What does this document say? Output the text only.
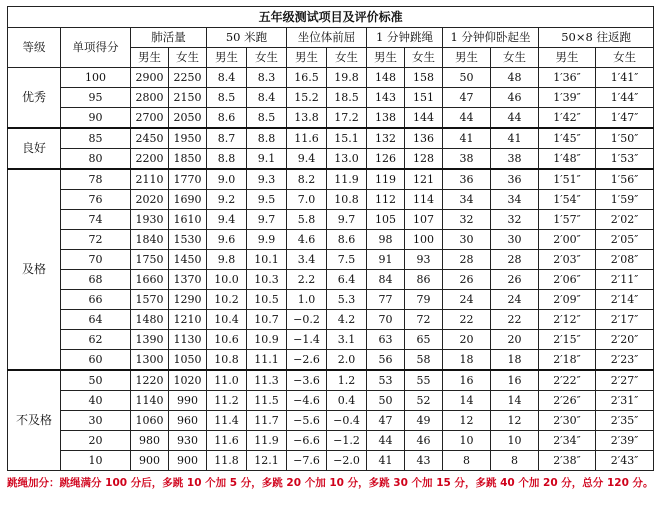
五年级测试项目及评价标准													
等级	单项得分	肺活量		50 米跑		坐位体前屈		1 分钟跳绳		1 分钟仰卧起坐		50×8 往返跑	
		男生	女生	男生	女生	男生	女生	男生	女生	男生	女生	男生	女生
优秀	100	2900	2250	8.4	8.3	16.5	19.8	148	158	50	48	1′36″	1′41″
	95	2800	2150	8.5	8.4	15.2	18.5	143	151	47	46	1′39″	1′44″
	90	2700	2050	8.6	8.5	13.8	17.2	138	144	44	44	1′42″	1′47″
良好	85	2450	1950	8.7	8.8	11.6	15.1	132	136	41	41	1′45″	1′50″
	80	2200	1850	8.8	9.1	9.4	13.0	126	128	38	38	1′48″	1′53″
及格	78	2110	1770	9.0	9.3	8.2	11.9	119	121	36	36	1′51″	1′56″
	76	2020	1690	9.2	9.5	7.0	10.8	112	114	34	34	1′54″	1′59″
	74	1930	1610	9.4	9.7	5.8	9.7	105	107	32	32	1′57″	2′02″
	72	1840	1530	9.6	9.9	4.6	8.6	98	100	30	30	2′00″	2′05″
	70	1750	1450	9.8	10.1	3.4	7.5	91	93	28	28	2′03″	2′08″
	68	1660	1370	10.0	10.3	2.2	6.4	84	86	26	26	2′06″	2′11″
	66	1570	1290	10.2	10.5	1.0	5.3	77	79	24	24	2′09″	2′14″
	64	1480	1210	10.4	10.7	−0.2	4.2	70	72	22	22	2′12″	2′17″
	62	1390	1130	10.6	10.9	−1.4	3.1	63	65	20	20	2′15″	2′20″
	60	1300	1050	10.8	11.1	−2.6	2.0	56	58	18	18	2′18″	2′23″
不及格	50	1220	1020	11.0	11.3	−3.6	1.2	53	55	16	16	2′22″	2′27″
	40	1140	990	11.2	11.5	−4.6	0.4	50	52	14	14	2′26″	2′31″
	30	1060	960	11.4	11.7	−5.6	−0.4	47	49	12	12	2′30″	2′35″
	20	980	930	11.6	11.9	−6.6	−1.2	44	46	10	10	2′34″	2′39″
	10	900	900	11.8	12.1	−7.6	−2.0	41	43	8	8	2′38″	2′43″
跳绳加分：跳绳满分 100 分后，多跳 10 个加 5 分，多跳 20 个加 10 分，多跳 30 个加 15 分，多跳 40 个加 20 分，总分 120 分。
